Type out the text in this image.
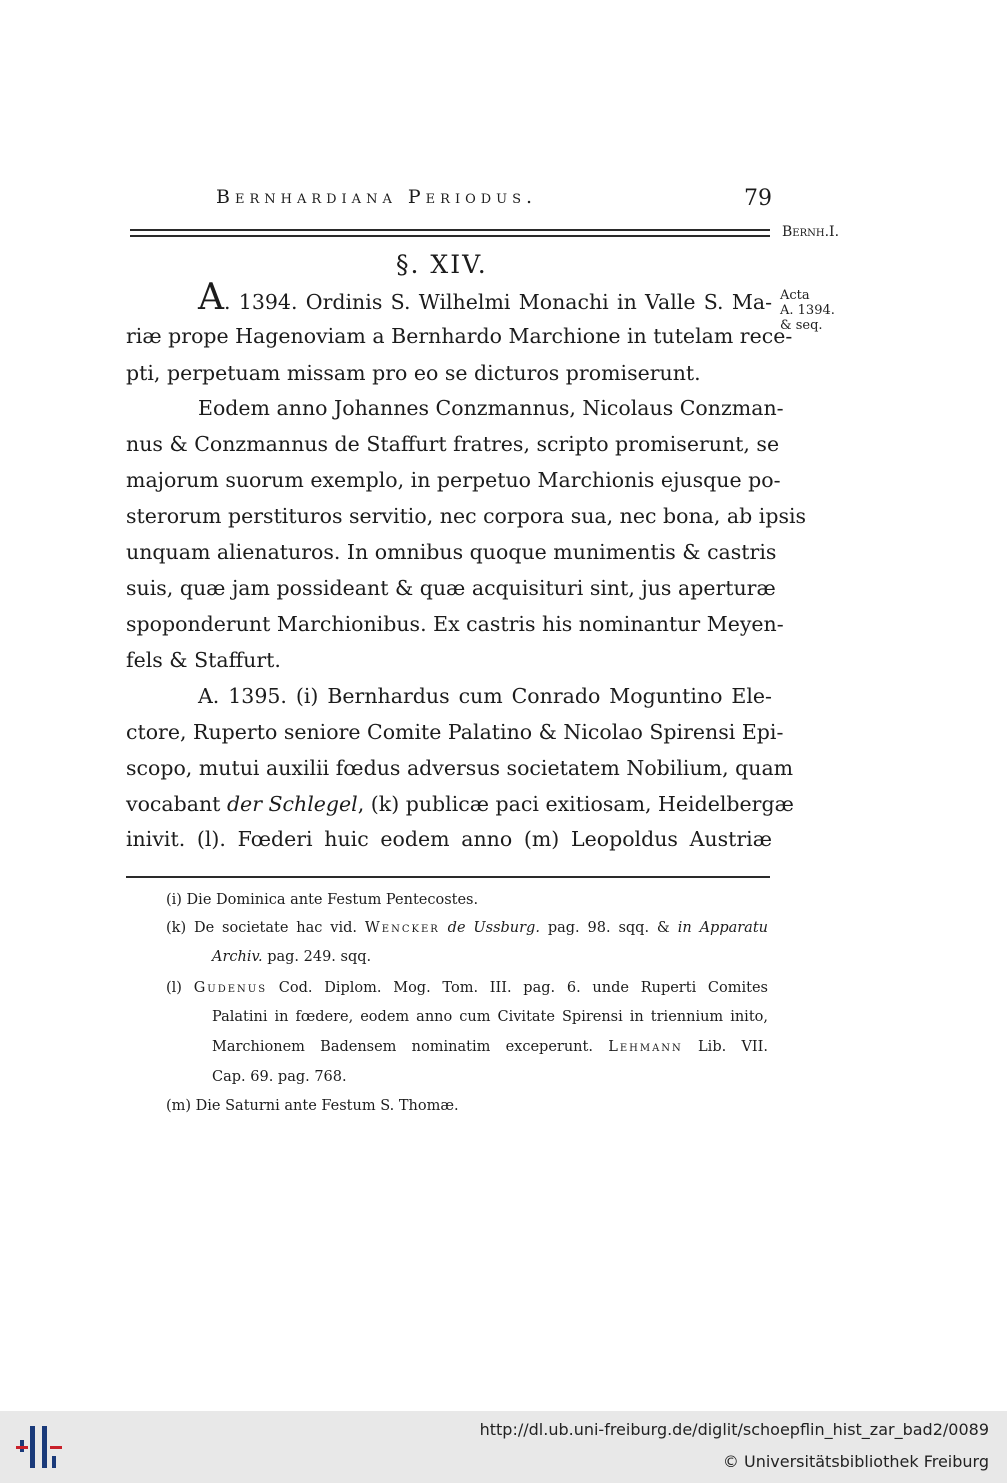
Bernhardiana Periodus.	79
Bernh.I.
§. XIV.
Acta
A. 1394.
& seq.
A. 1394. Ordinis S. Wilhelmi Monachi in Valle S. Ma-
riæ prope Hagenoviam a Bernhardo Marchione in tutelam rece-
pti, perpetuam missam pro eo se dicturos promiserunt.
Eodem anno Johannes Conzmannus, Nicolaus Conzman-
nus & Conzmannus de Staffurt fratres, scripto promiserunt, se
majorum suorum exemplo, in perpetuo Marchionis ejusque po-
sterorum perstituros servitio, nec corpora sua, nec bona, ab ipsis
unquam alienaturos. In omnibus quoque munimentis & castris
suis, quæ jam possideant & quæ acquisituri sint, jus aperturæ
spoponderunt Marchionibus. Ex castris his nominantur Meyen-
fels & Staffurt.
A. 1395. (i) Bernhardus cum Conrado Moguntino Ele-
ctore, Ruperto seniore Comite Palatino & Nicolao Spirensi Epi-
scopo, mutui auxilii fœdus adversus societatem Nobilium, quam
vocabant der Schlegel, (k) publicæ paci exitiosam, Heidelbergæ
inivit. (l). Fœderi huic eodem anno (m) Leopoldus Austriæ
(i) Die Dominica ante Festum Pentecostes.
(k) De societate hac vid. Wencker de Ussburg. pag. 98. sqq. & in Apparatu
Archiv. pag. 249. sqq.
(l) Gudenus Cod. Diplom. Mog. Tom. III. pag. 6. unde Ruperti Comites
Palatini in fœdere, eodem anno cum Civitate Spirensi in triennium inito,
Marchionem Badensem nominatim exceperunt. Lehmann Lib. VII.
Cap. 69. pag. 768.
(m) Die Saturni ante Festum S. Thomæ.
http://dl.ub.uni-freiburg.de/diglit/schoepflin_hist_zar_bad2/0089
© Universitätsbibliothek Freiburg
